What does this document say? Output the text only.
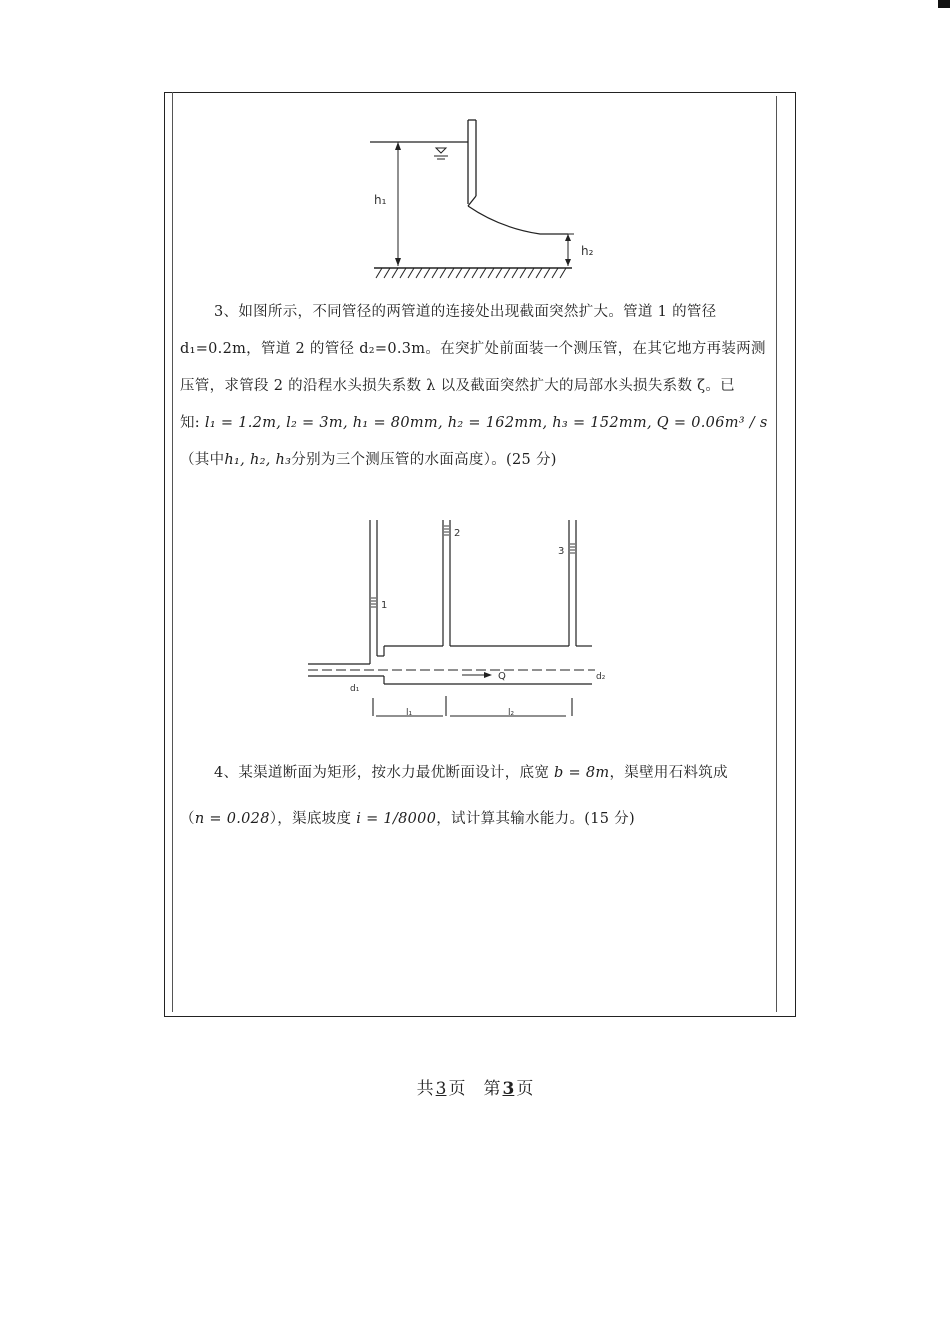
h₁
h₂
3、如图所示，不同管径的两管道的连接处出现截面突然扩大。管道 1 的管径
d₁=0.2m，管道 2 的管径 d₂=0.3m。在突扩处前面装一个测压管，在其它地方再装两测
压管，求管段 2 的沿程水头损失系数 λ 以及截面突然扩大的局部水头损失系数 ζ。已
知: l₁ = 1.2m, l₂ = 3m, h₁ = 80mm, h₂ = 162mm, h₃ = 152mm, Q = 0.06m³ / s
（其中h₁, h₂, h₃分别为三个测压管的水面高度）。(25 分)
1
2
3
Q
d₁
d₂
l₁	l₂
4、某渠道断面为矩形，按水力最优断面设计，底宽 b = 8m，渠壁用石料筑成
（n = 0.028），渠底坡度 i = 1/8000，试计算其输水能力。(15 分)
共 3 页 第 3 页
